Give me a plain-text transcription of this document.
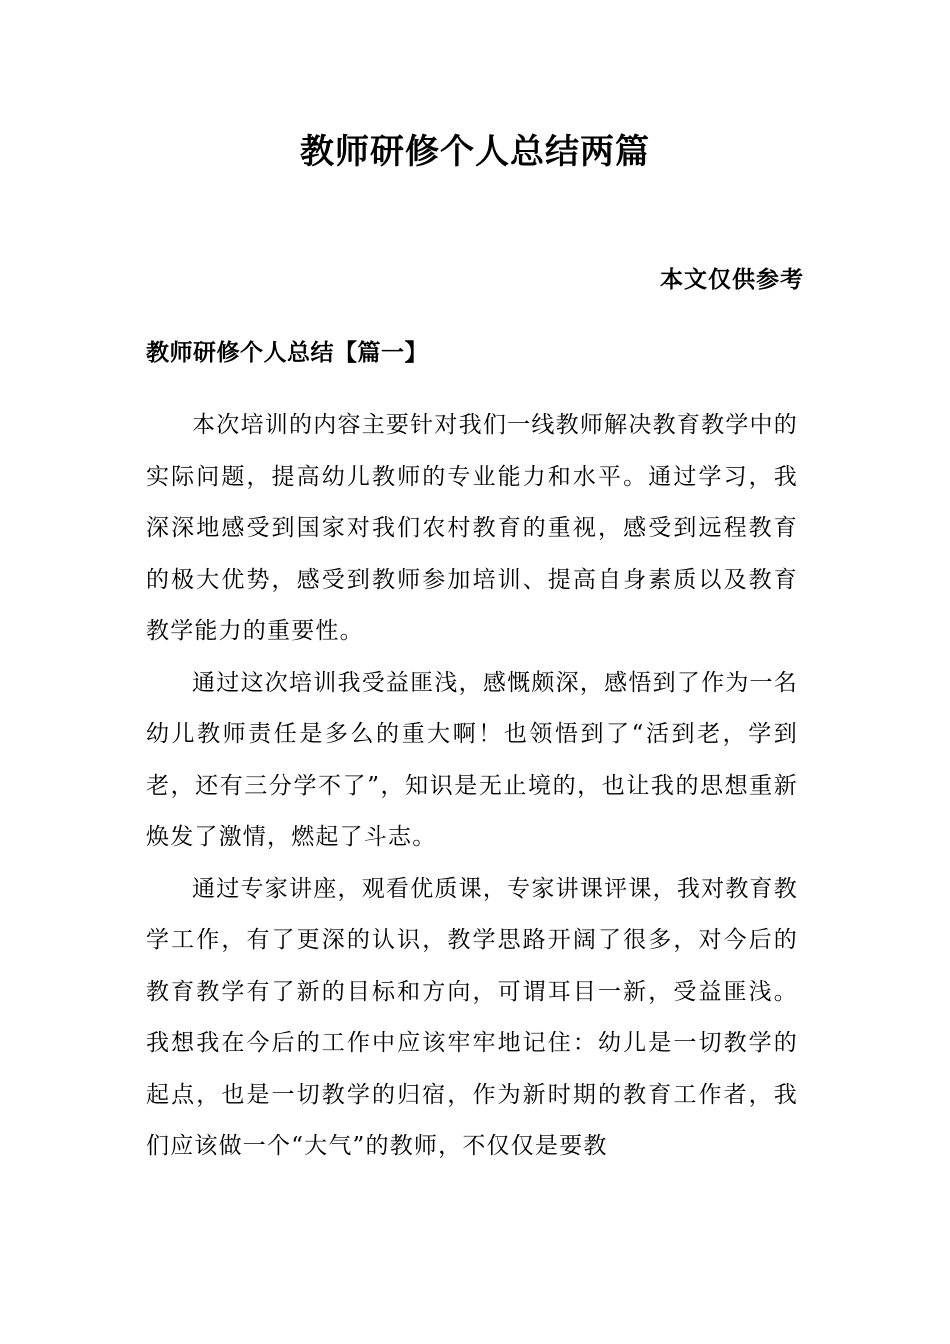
教师研修个人总结两篇
本文仅供参考
教师研修个人总结【篇一】

本次培训的内容主要针对我们一线教师解决教育教学中的实际问题，提高幼儿教师的专业能力和水平。通过学习，我深深地感受到国家对我们农村教育的重视，感受到远程教育的极大优势，感受到教师参加培训、提高自身素质以及教育教学能力的重要性。

通过这次培训我受益匪浅，感慨颇深，感悟到了作为一名幼儿教师责任是多么的重大啊！也领悟到了“活到老，学到老，还有三分学不了”，知识是无止境的，也让我的思想重新焕发了激情，燃起了斗志。

通过专家讲座，观看优质课，专家讲课评课，我对教育教学工作，有了更深的认识，教学思路开阔了很多，对今后的教育教学有了新的目标和方向，可谓耳目一新，受益匪浅。我想我在今后的工作中应该牢牢地记住：幼儿是一切教学的起点，也是一切教学的归宿，作为新时期的教育工作者，我们应该做一个“大气”的教师，不仅仅是要教
